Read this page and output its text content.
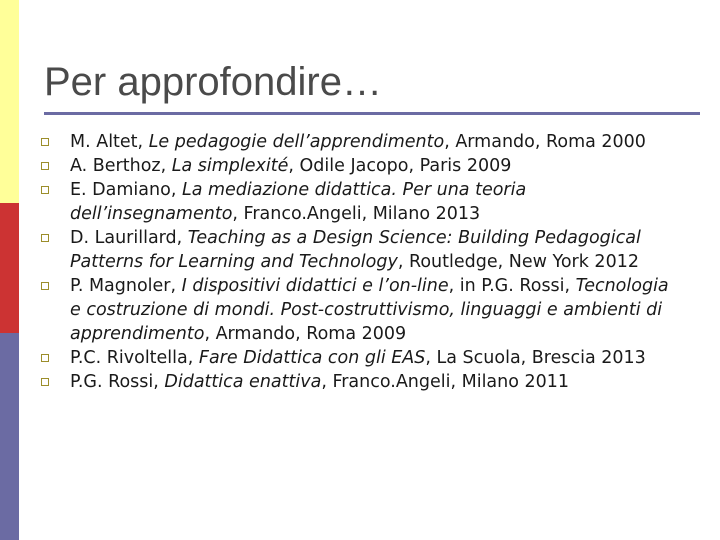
Per approfondire…
M. Altet, Le pedagogie dell’apprendimento, Armando, Roma 2000
A. Berthoz, La simplexité, Odile Jacopo, Paris 2009
E. Damiano, La mediazione didattica. Per una teoria dell’insegnamento, Franco.Angeli, Milano 2013
D. Laurillard, Teaching as a Design Science: Building Pedagogical Patterns for Learning and Technology, Routledge, New York 2012
P. Magnoler, I dispositivi didattici e l’on-line, in P.G. Rossi, Tecnologia e costruzione di mondi. Post-costruttivismo, linguaggi e ambienti di apprendimento, Armando, Roma 2009
P.C. Rivoltella, Fare Didattica con gli EAS, La Scuola, Brescia 2013
P.G. Rossi, Didattica enattiva, Franco.Angeli, Milano 2011
